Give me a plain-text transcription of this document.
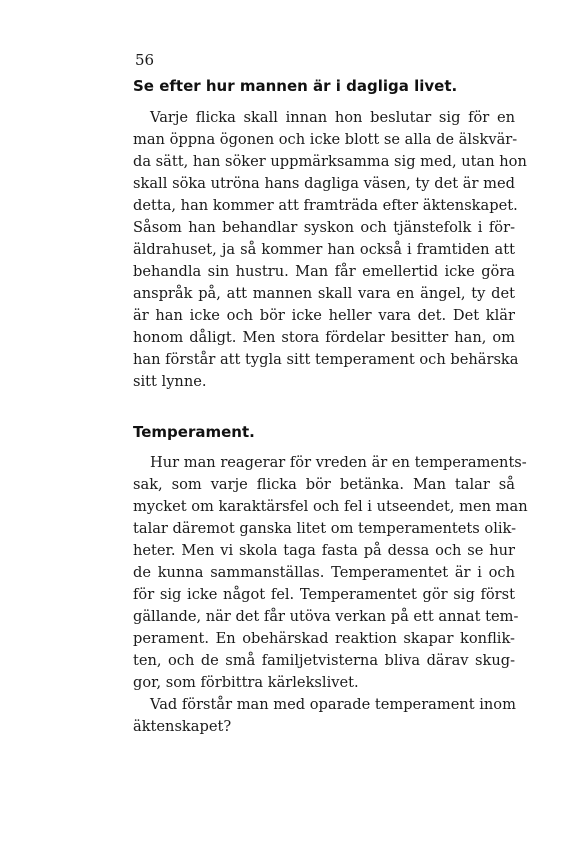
56
Se efter hur mannen är i dagliga livet.
Varje flicka skall innan hon beslutar sig för en
man öppna ögonen och icke blott se alla de älskvär-
da sätt, han söker uppmärksamma sig med, utan hon
skall söka utröna hans dagliga väsen, ty det är med
detta, han kommer att framträda efter äktenskapet.
Såsom han behandlar syskon och tjänstefolk i för-
äldrahuset, ja så kommer han också i framtiden att
behandla sin hustru. Man får emellertid icke göra
anspråk på, att mannen skall vara en ängel, ty det
är han icke och bör icke heller vara det. Det klär
honom dåligt. Men stora fördelar besitter han, om
han förstår att tygla sitt temperament och behärska
sitt lynne.
Temperament.
Hur man reagerar för vreden är en temperaments-
sak, som varje flicka bör betänka. Man talar så
mycket om karaktärsfel och fel i utseendet, men man
talar däremot ganska litet om temperamentets olik-
heter. Men vi skola taga fasta på dessa och se hur
de kunna sammanställas. Temperamentet är i och
för sig icke något fel. Temperamentet gör sig först
gällande, när det får utöva verkan på ett annat tem-
perament. En obehärskad reaktion skapar konflik-
ten, och de små familjetvisterna bliva därav skug-
gor, som förbittra kärlekslivet.
Vad förstår man med oparade temperament inom
äktenskapet?
